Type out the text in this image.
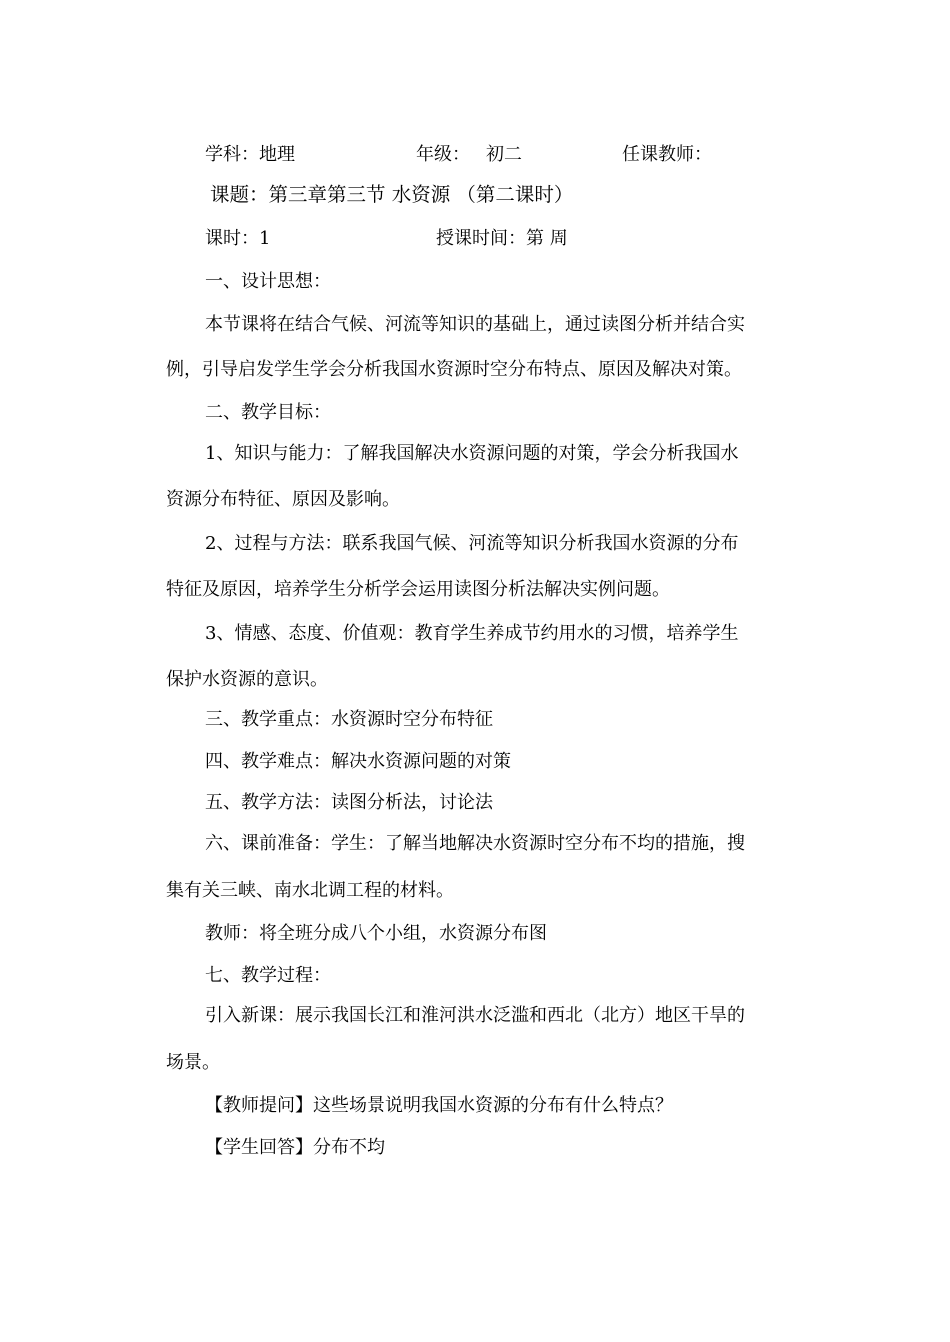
学科：地理	年级： 初二	任课教师：

课题：第三章第三节 水资源 （第二课时）

课时：1	授课时间：第 周

一、设计思想：

本节课将在结合气候、河流等知识的基础上，通过读图分析并结合实

例，引导启发学生学会分析我国水资源时空分布特点、原因及解决对策。

二、教学目标：

1、知识与能力：了解我国解决水资源问题的对策，学会分析我国水

资源分布特征、原因及影响。

2、过程与方法：联系我国气候、河流等知识分析我国水资源的分布

特征及原因，培养学生分析学会运用读图分析法解决实例问题。

3、情感、态度、价值观：教育学生养成节约用水的习惯，培养学生

保护水资源的意识。

三、教学重点：水资源时空分布特征

四、教学难点：解决水资源问题的对策

五、教学方法：读图分析法，讨论法

六、课前准备：学生：了解当地解决水资源时空分布不均的措施，搜

集有关三峡、南水北调工程的材料。

教师：将全班分成八个小组，水资源分布图

七、教学过程：

引入新课：展示我国长江和淮河洪水泛滥和西北（北方）地区干旱的

场景。

【教师提问】这些场景说明我国水资源的分布有什么特点？

【学生回答】分布不均
